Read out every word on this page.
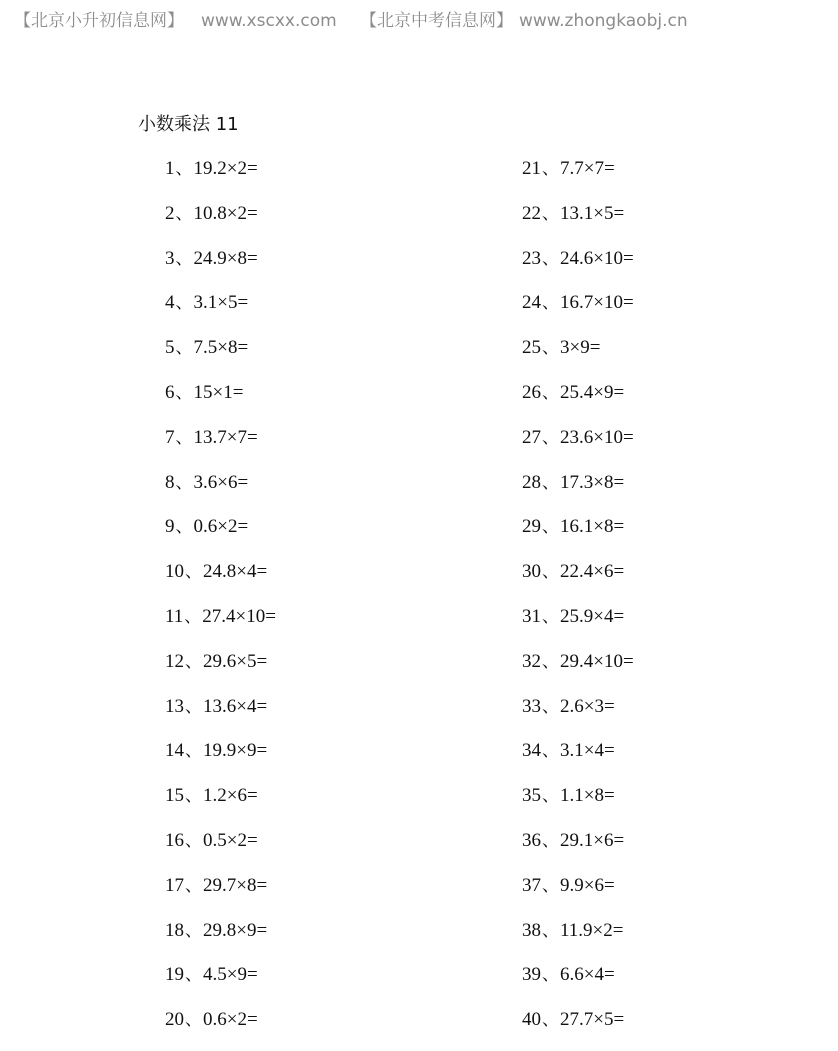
【北京小升初信息网】 www.xscxx.com 【北京中考信息网】 www.zhongkaobj.cn
小数乘法 11
1、19.2×2=
2、10.8×2=
3、24.9×8=
4、3.1×5=
5、7.5×8=
6、15×1=
7、13.7×7=
8、3.6×6=
9、0.6×2=
10、24.8×4=
11、27.4×10=
12、29.6×5=
13、13.6×4=
14、19.9×9=
15、1.2×6=
16、0.5×2=
17、29.7×8=
18、29.8×9=
19、4.5×9=
20、0.6×2=
21、7.7×7=
22、13.1×5=
23、24.6×10=
24、16.7×10=
25、3×9=
26、25.4×9=
27、23.6×10=
28、17.3×8=
29、16.1×8=
30、22.4×6=
31、25.9×4=
32、29.4×10=
33、2.6×3=
34、3.1×4=
35、1.1×8=
36、29.1×6=
37、9.9×6=
38、11.9×2=
39、6.6×4=
40、27.7×5=
